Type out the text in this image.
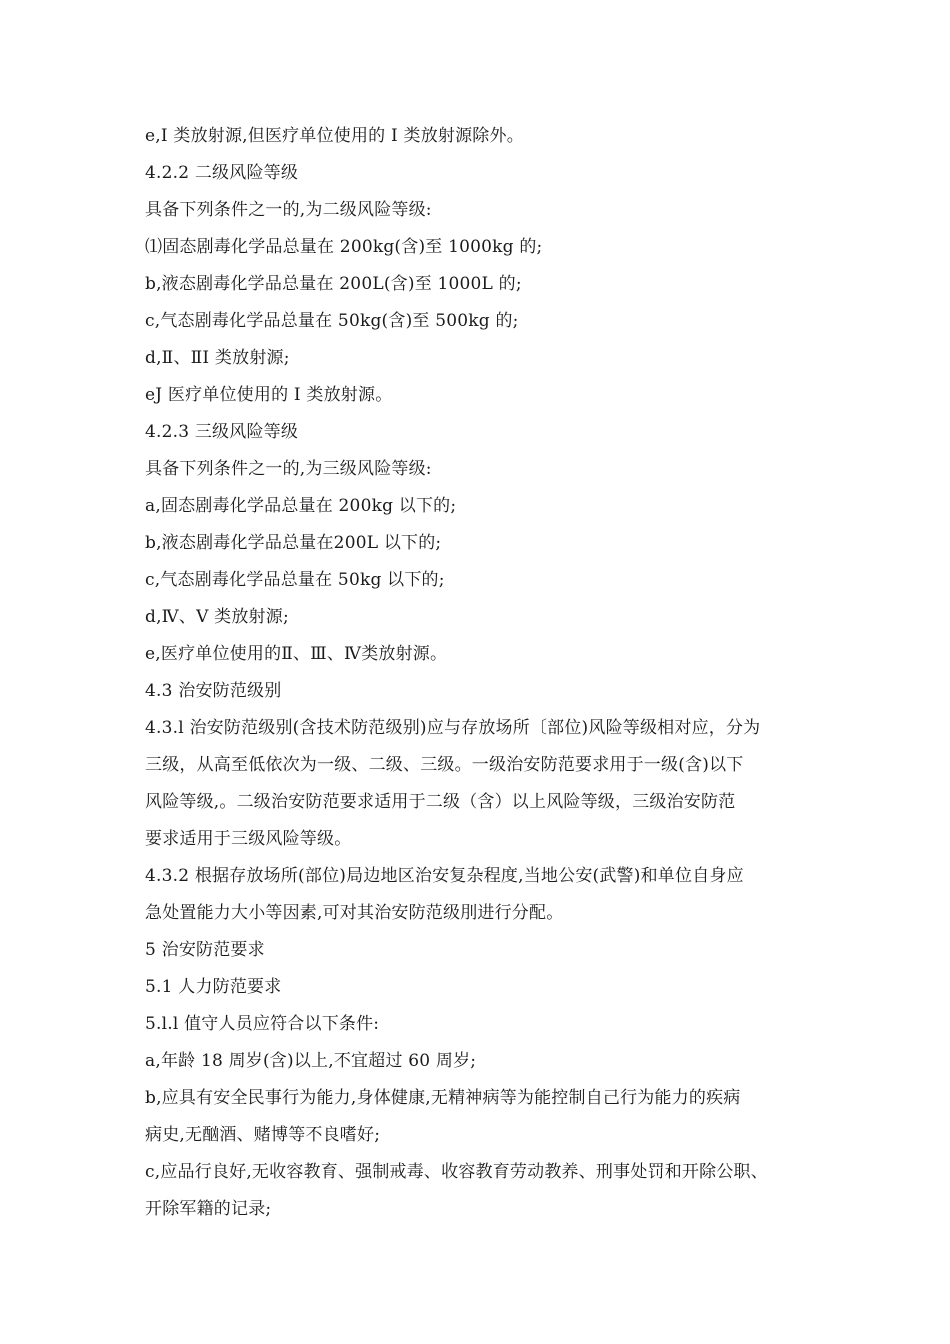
e,I 类放射源,但医疗单位使用的 I 类放射源除外。
4.2.2 二级风险等级
具备下列条件之一的,为二级风险等级:
⑴固态剧毒化学品总量在 200kg(含)至 1000kg 的;
b,液态剧毒化学品总量在 200L(含)至 1000L 的;
c,气态剧毒化学品总量在 50kg(含)至 500kg 的;
d,Ⅱ、ⅡI 类放射源;
eJ 医疗单位使用的 I 类放射源。
4.2.3 三级风险等级
具备下列条件之一的,为三级风险等级:
a,固态剧毒化学品总量在 200kg 以下的;
b,液态剧毒化学品总量在200L 以下的;
c,气态剧毒化学品总量在 50kg 以下的;
d,Ⅳ、V 类放射源;
e,医疗单位使用的Ⅱ、Ⅲ、Ⅳ类放射源。
4.3 治安防范级别
4.3.l 治安防范级别(含技术防范级别)应与存放场所〔部位)风险等级相对应，分为
三级，从高至低依次为一级、二级、三级。一级治安防范要求用于一级(含)以下
风险等级,。二级治安防范要求适用于二级（含）以上风险等级，三级治安防范
要求适用于三级风险等级。
4.3.2 根据存放场所(部位)局边地区治安复杂程度,当地公安(武警)和单位自身应
急处置能力大小等因素,可对其治安防范级刖进行分配。
5 治安防范要求
5.1 人力防范要求
5.l.l 值守人员应符合以下条件:
a,年龄 18 周岁(含)以上,不宜超过 60 周岁;
b,应具有安全民事行为能力,身体健康,无精神病等为能控制自己行为能力的疾病
病史,无酗酒、赌博等不良嗜好;
c,应品行良好,无收容教育、强制戒毒、收容教育劳动教养、刑事处罚和开除公职、
开除军籍的记录;
